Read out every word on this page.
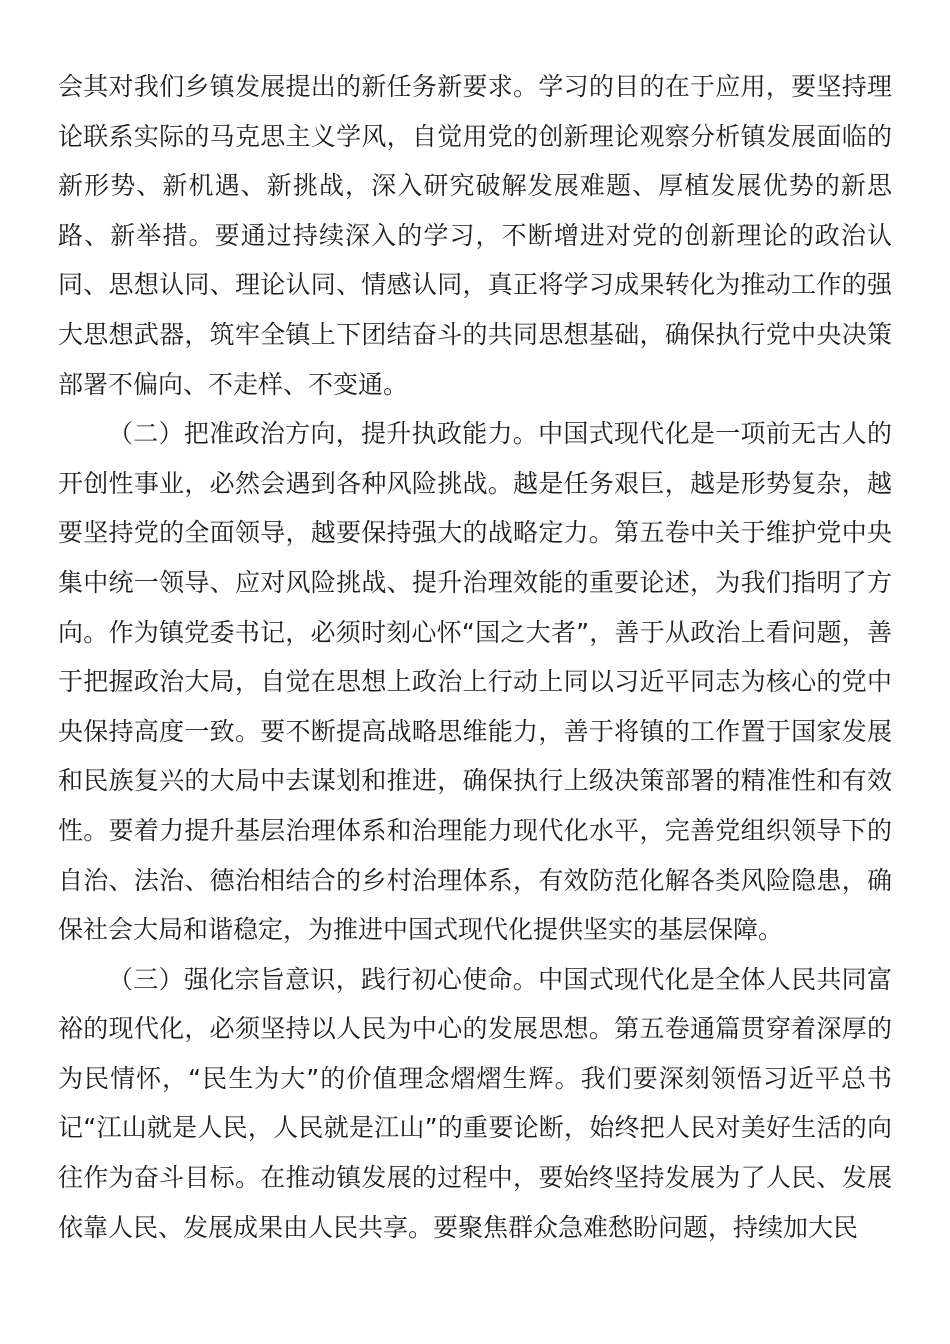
会其对我们乡镇发展提出的新任务新要求。学习的目的在于应用，要坚持理论联系实际的马克思主义学风，自觉用党的创新理论观察分析镇发展面临的新形势、新机遇、新挑战，深入研究破解发展难题、厚植发展优势的新思路、新举措。要通过持续深入的学习，不断增进对党的创新理论的政治认同、思想认同、理论认同、情感认同，真正将学习成果转化为推动工作的强大思想武器，筑牢全镇上下团结奋斗的共同思想基础，确保执行党中央决策部署不偏向、不走样、不变通。

（二）把准政治方向，提升执政能力。中国式现代化是一项前无古人的开创性事业，必然会遇到各种风险挑战。越是任务艰巨，越是形势复杂，越要坚持党的全面领导，越要保持强大的战略定力。第五卷中关于维护党中央集中统一领导、应对风险挑战、提升治理效能的重要论述，为我们指明了方向。作为镇党委书记，必须时刻心怀“国之大者”，善于从政治上看问题，善于把握政治大局，自觉在思想上政治上行动上同以习近平同志为核心的党中央保持高度一致。要不断提高战略思维能力，善于将镇的工作置于国家发展和民族复兴的大局中去谋划和推进，确保执行上级决策部署的精准性和有效性。要着力提升基层治理体系和治理能力现代化水平，完善党组织领导下的自治、法治、德治相结合的乡村治理体系，有效防范化解各类风险隐患，确保社会大局和谐稳定，为推进中国式现代化提供坚实的基层保障。

（三）强化宗旨意识，践行初心使命。中国式现代化是全体人民共同富裕的现代化，必须坚持以人民为中心的发展思想。第五卷通篇贯穿着深厚的为民情怀，“民生为大”的价值理念熠熠生辉。我们要深刻领悟习近平总书记“江山就是人民，人民就是江山”的重要论断，始终把人民对美好生活的向往作为奋斗目标。在推动镇发展的过程中，要始终坚持发展为了人民、发展依靠人民、发展成果由人民共享。要聚焦群众急难愁盼问题，持续加大民
